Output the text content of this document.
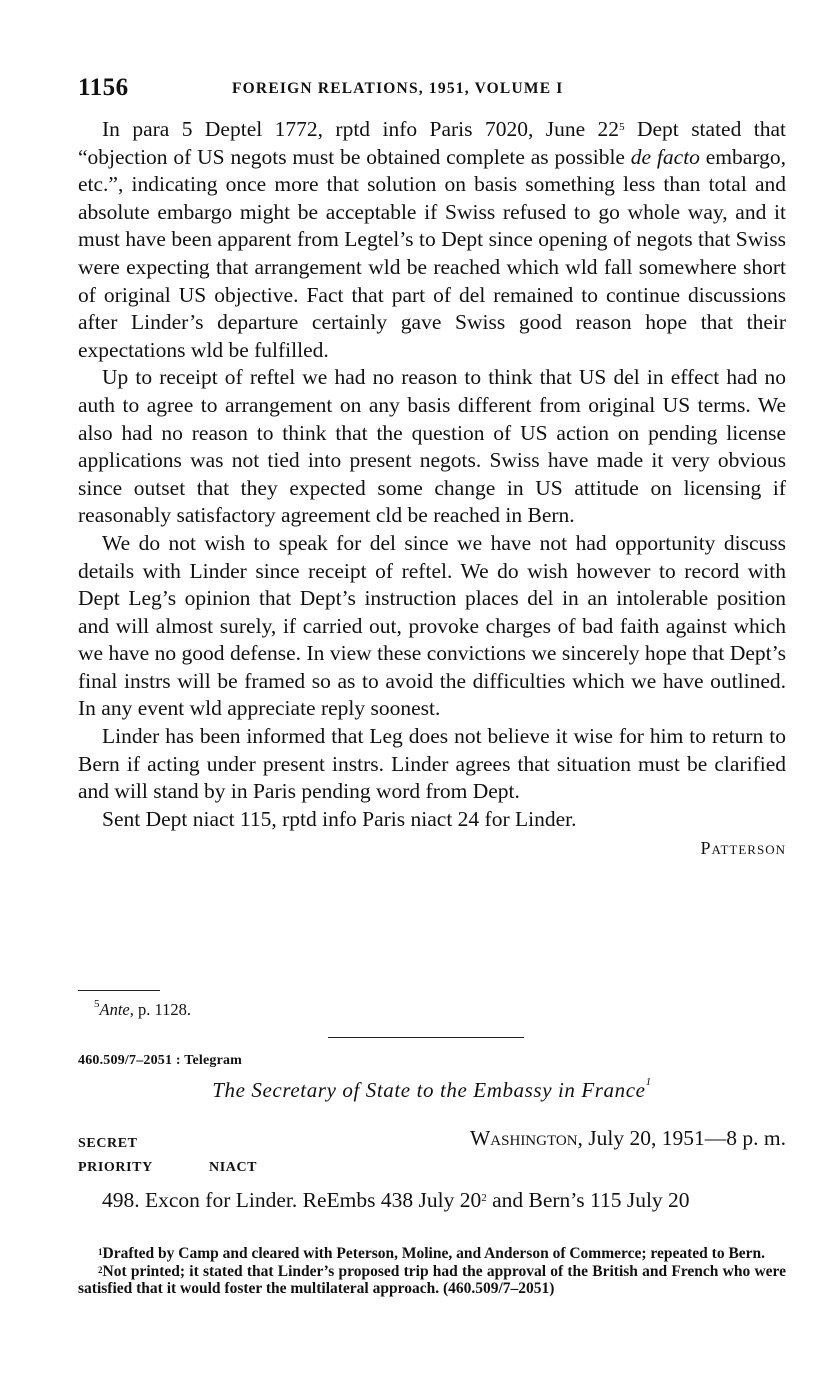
1156	FOREIGN RELATIONS, 1951, VOLUME I

In para 5 Deptel 1772, rptd info Paris 7020, June $22^5$ Dept stated that “objection of US negots must be obtained complete as possible de facto embargo, etc.”, indicating once more that solution on basis something less than total and absolute embargo might be acceptable if Swiss refused to go whole way, and it must have been apparent from Legtel’s to Dept since opening of negots that Swiss were expecting that arrangement wld be reached which wld fall somewhere short of original US objective. Fact that part of del remained to continue discussions after Linder’s departure certainly gave Swiss good reason hope that their expectations wld be fulfilled.

Up to receipt of reftel we had no reason to think that US del in effect had no auth to agree to arrangement on any basis different from original US terms. We also had no reason to think that the question of US action on pending license applications was not tied into present negots. Swiss have made it very obvious since outset that they expected some change in US attitude on licensing if reasonably satisfactory agreement cld be reached in Bern.

We do not wish to speak for del since we have not had opportunity discuss details with Linder since receipt of reftel. We do wish however to record with Dept Leg’s opinion that Dept’s instruction places del in an intolerable position and will almost surely, if carried out, provoke charges of bad faith against which we have no good defense. In view these convictions we sincerely hope that Dept’s final instrs will be framed so as to avoid the difficulties which we have outlined. In any event wld appreciate reply soonest.

Linder has been informed that Leg does not believe it wise for him to return to Bern if acting under present instrs. Linder agrees that situation must be clarified and will stand by in Paris pending word from Dept.

Sent Dept niact 115, rptd info Paris niact 24 for Linder.

Patterson
$^5$Ante, p. 1128.
460.509/7–2051 : Telegram
The Secretary of State to the Embassy in France$^1$
SECRET	Washington, July 20, 1951—8 p. m.
PRIORITY	NIACT
498. Excon for Linder. ReEmbs 438 July $20^2$ and Bern’s 115 July 20

$^1$Drafted by Camp and cleared with Peterson, Moline, and Anderson of Commerce; repeated to Bern.

$^2$Not printed; it stated that Linder’s proposed trip had the approval of the British and French who were satisfied that it would foster the multilateral approach. (460.509/7–2051)
